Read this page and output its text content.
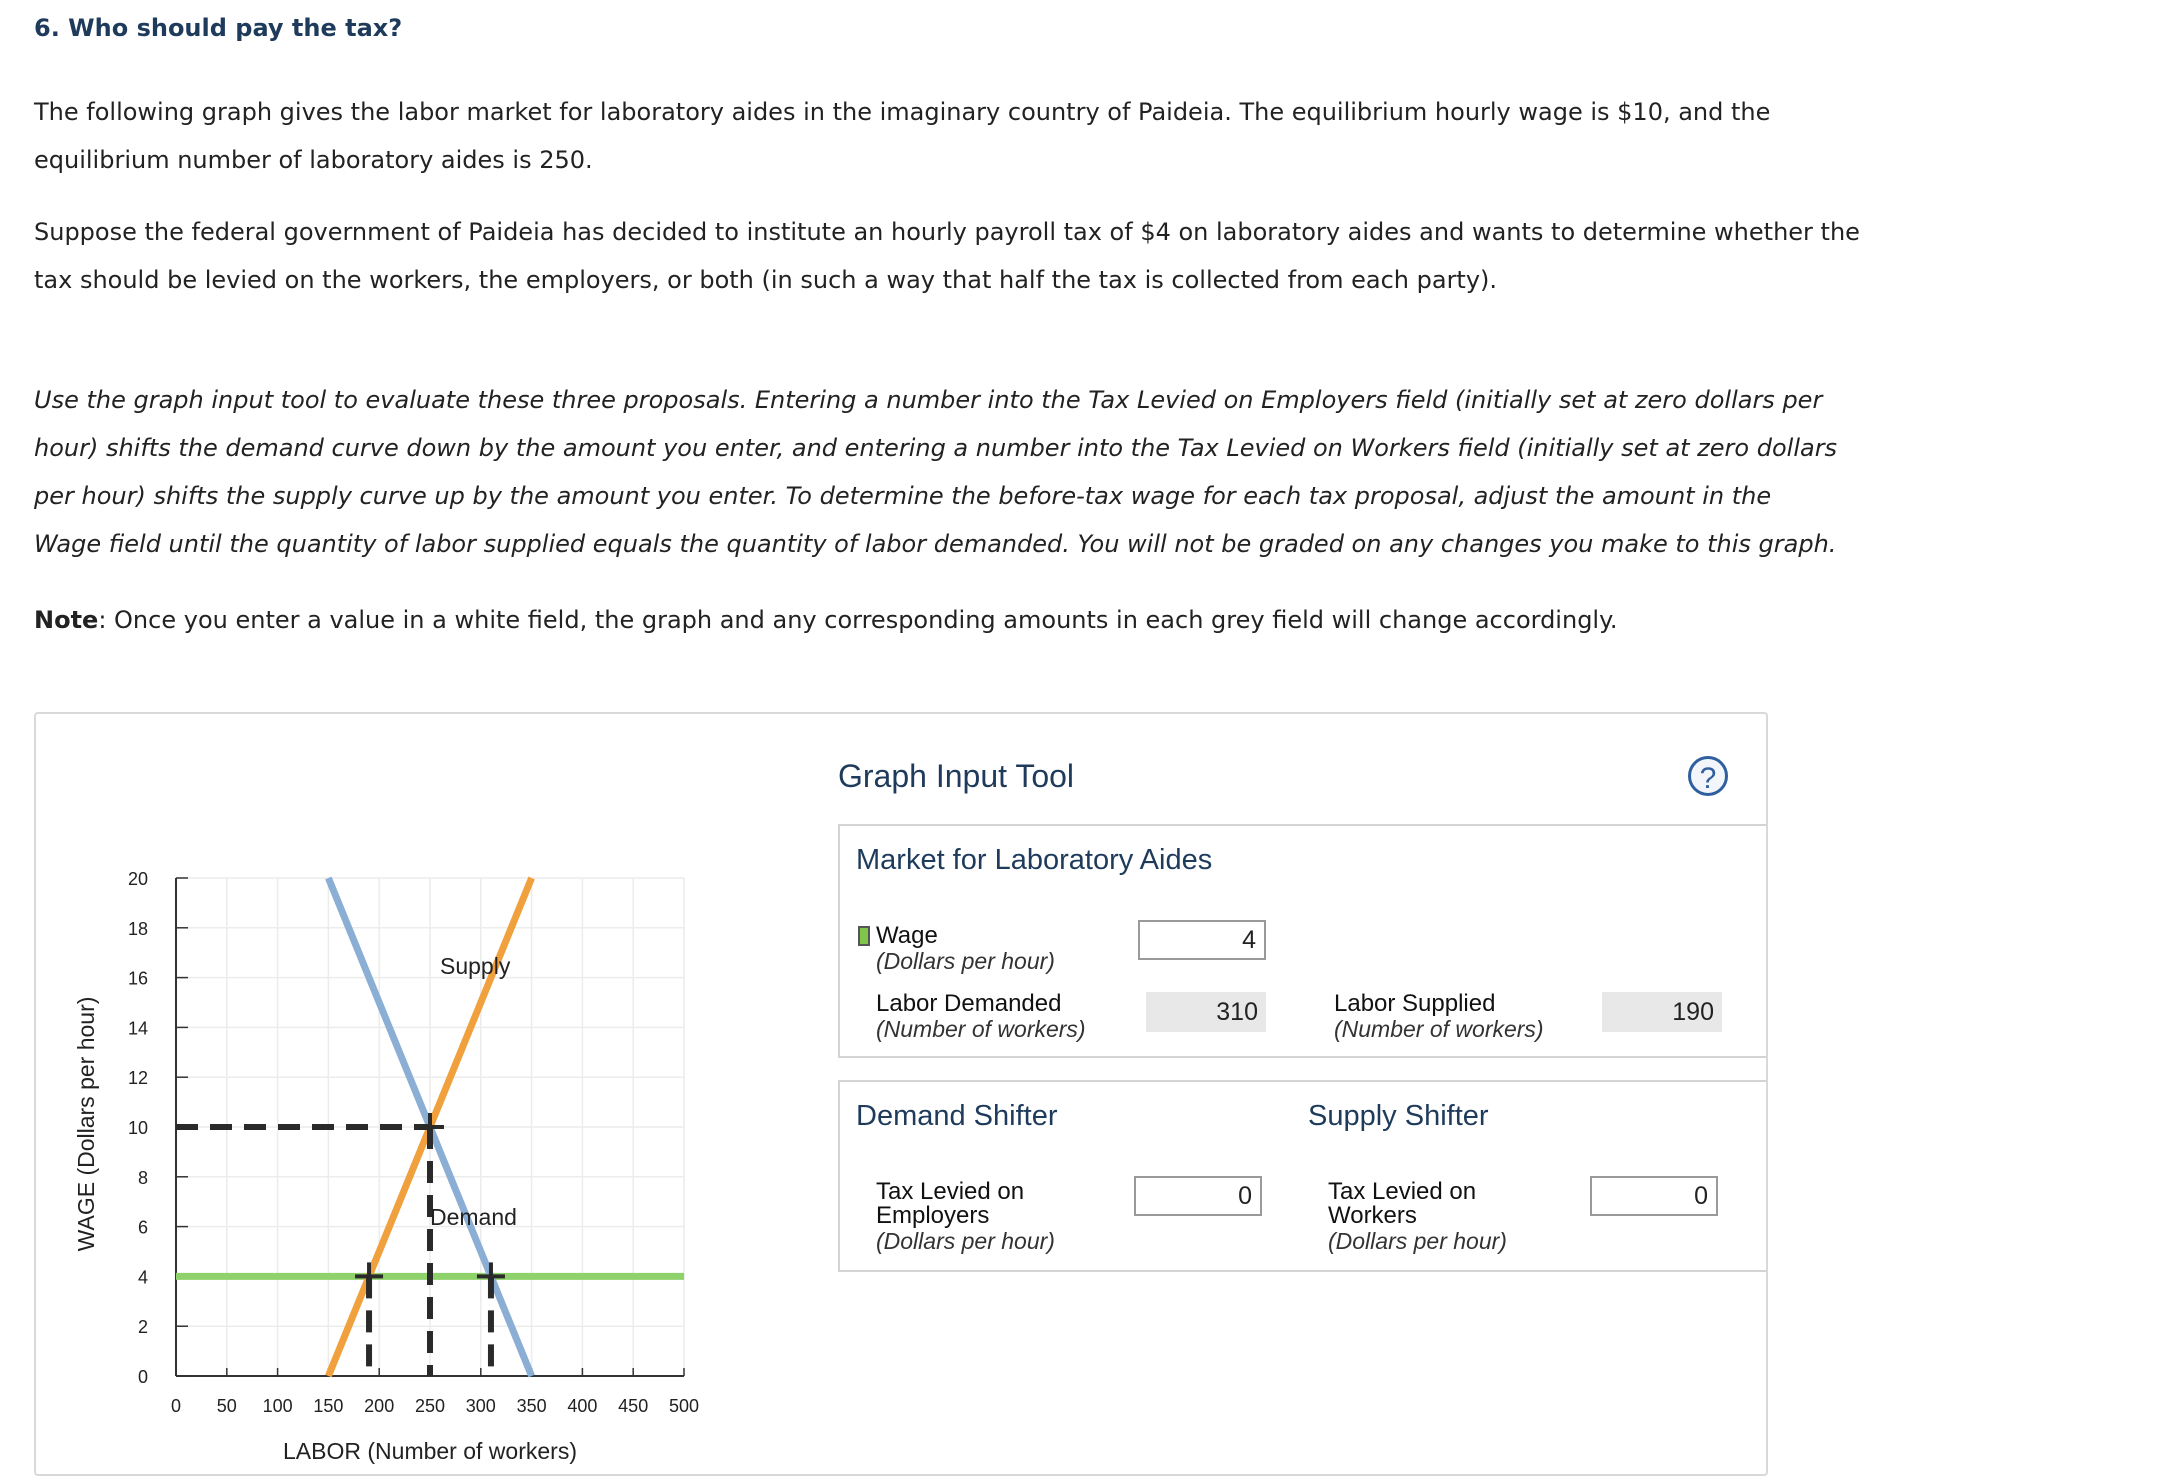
6. Who should pay the tax?
The following graph gives the labor market for laboratory aides in the imaginary country of Paideia. The equilibrium hourly wage is $10, and the
equilibrium number of laboratory aides is 250.
Suppose the federal government of Paideia has decided to institute an hourly payroll tax of $4 on laboratory aides and wants to determine whether the
tax should be levied on the workers, the employers, or both (in such a way that half the tax is collected from each party).
Use the graph input tool to evaluate these three proposals. Entering a number into the Tax Levied on Employers field (initially set at zero dollars per
hour) shifts the demand curve down by the amount you enter, and entering a number into the Tax Levied on Workers field (initially set at zero dollars
per hour) shifts the supply curve up by the amount you enter. To determine the before-tax wage for each tax proposal, adjust the amount in the
Wage field until the quantity of labor supplied equals the quantity of labor demanded. You will not be graded on any changes you make to this graph.
Note: Once you enter a value in a white field, the graph and any corresponding amounts in each grey field will change accordingly.
0
2
4
6
8
10
12
14
16
18
20
0 50 100 150 200 250 300 350 400 450 500
WAGE (Dollars per hour)
LABOR (Number of workers)
Supply
Demand
Graph Input Tool	?
Market for Laboratory Aides
Wage
(Dollars per hour)
4
Labor Demanded
(Number of workers)
310	Labor Supplied
(Number of workers)
190
Demand Shifter	Supply Shifter
Tax Levied on
Employers
(Dollars per hour)
0	Tax Levied on
Workers
(Dollars per hour)
0
